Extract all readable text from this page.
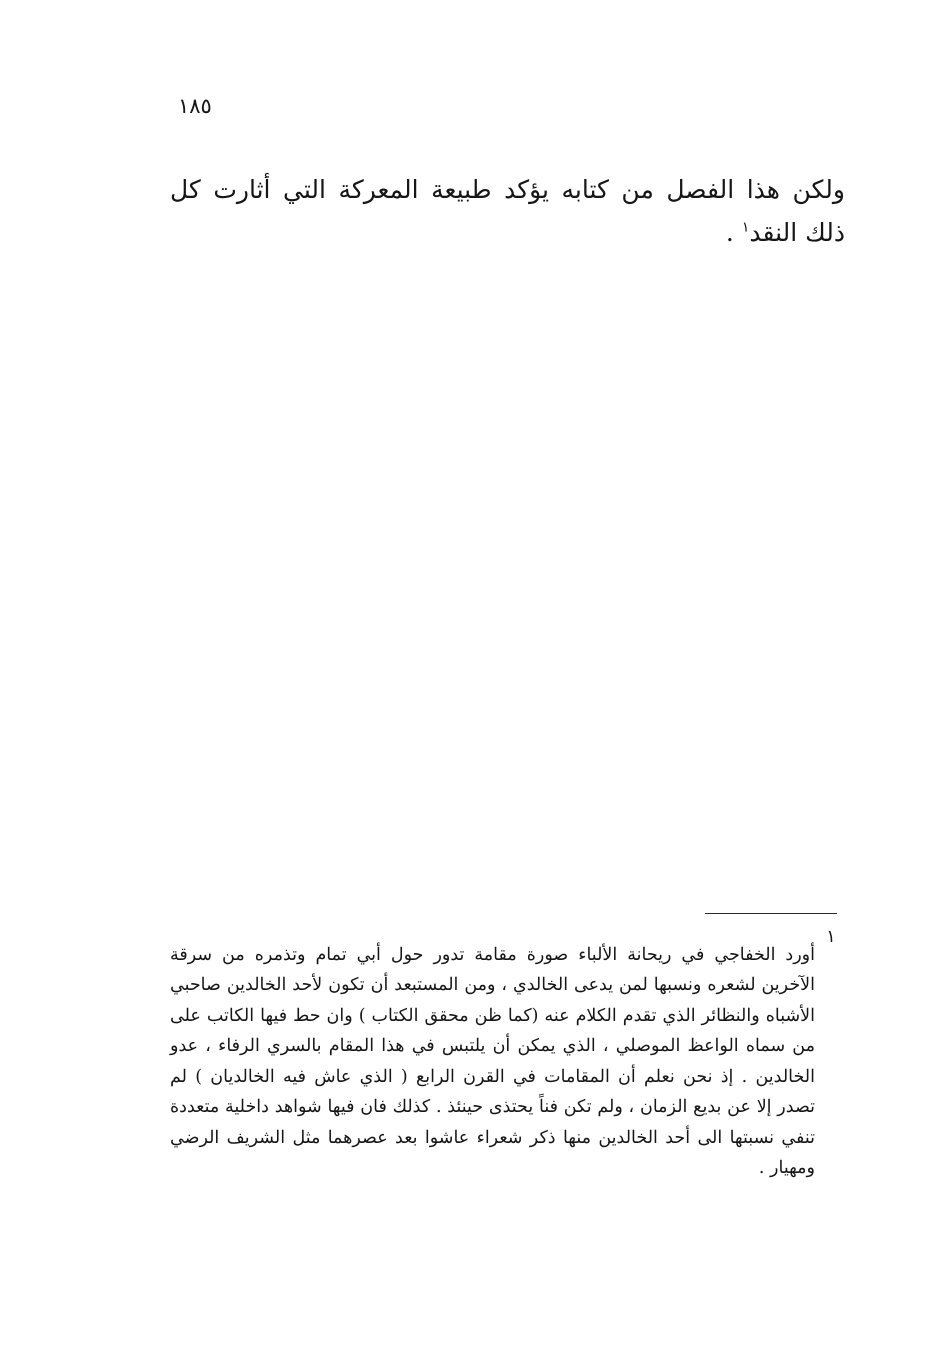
١٨٥

ولكن هذا الفصل من كتابه يؤكد طبيعة المعركة التي أثارت كل ذلك النقد$^١$ .

١

أورد الخفاجي في ريحانة الألباء صورة مقامة تدور حول أبي تمام وتذمره من سرقة الآخرين لشعره ونسبها لمن يدعى الخالدي ، ومن المستبعد أن تكون لأحد الخالدين صاحبي الأشباه والنظائر الذي تقدم الكلام عنه (كما ظن محقق الكتاب ) وان حط فيها الكاتب على من سماه الواعظ الموصلي ، الذي يمكن أن يلتبس في هذا المقام بالسري الرفاء ، عدو الخالدين . إذ نحن نعلم أن المقامات في القرن الرابع ( الذي عاش فيه الخالديان ) لم تصدر إلا عن بديع الزمان ، ولم تكن فناً يحتذى حينئذ . كذلك فان فيها شواهد داخلية متعددة تنفي نسبتها الى أحد الخالدين منها ذكر شعراء عاشوا بعد عصرهما مثل الشريف الرضي ومهيار .
